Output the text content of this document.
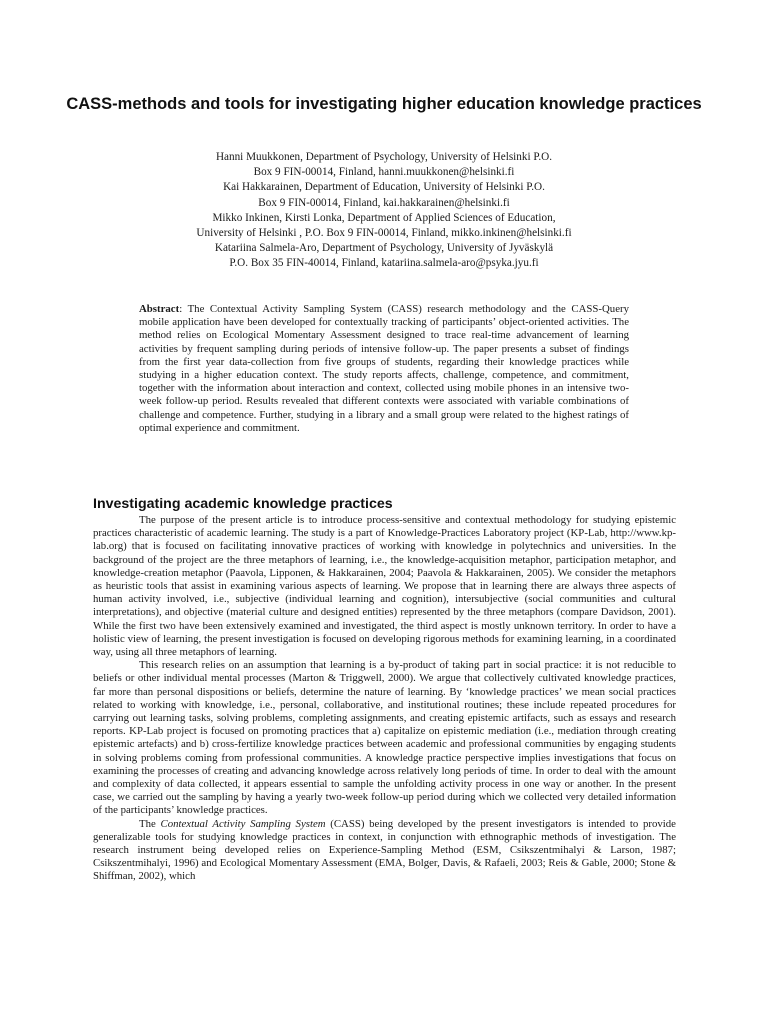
CASS-methods and tools for investigating higher education knowledge practices
Hanni Muukkonen, Department of Psychology, University of Helsinki P.O.
Box 9 FIN-00014, Finland, hanni.muukkonen@helsinki.fi
Kai Hakkarainen, Department of Education, University of Helsinki P.O.
Box 9 FIN-00014, Finland, kai.hakkarainen@helsinki.fi
Mikko Inkinen, Kirsti Lonka, Department of Applied Sciences of Education,
University of Helsinki , P.O. Box 9 FIN-00014, Finland, mikko.inkinen@helsinki.fi
Katariina Salmela-Aro, Department of Psychology, University of Jyväskylä
P.O. Box 35 FIN-40014, Finland, katariina.salmela-aro@psyka.jyu.fi
Abstract: The Contextual Activity Sampling System (CASS) research methodology and the CASS-Query mobile application have been developed for contextually tracking of participants’ object-oriented activities. The method relies on Ecological Momentary Assessment designed to trace real-time advancement of learning activities by frequent sampling during periods of intensive follow-up. The paper presents a subset of findings from the first year data-collection from five groups of students, regarding their knowledge practices while studying in a higher education context. The study reports affects, challenge, competence, and commitment, together with the information about interaction and context, collected using mobile phones in an intensive two-week follow-up period. Results revealed that different contexts were associated with variable combinations of challenge and competence. Further, studying in a library and a small group were related to the highest ratings of optimal experience and commitment.
Investigating academic knowledge practices

The purpose of the present article is to introduce process-sensitive and contextual methodology for studying epistemic practices characteristic of academic learning. The study is a part of Knowledge-Practices Laboratory project (KP-Lab, http://www.kp-lab.org) that is focused on facilitating innovative practices of working with knowledge in polytechnics and universities. In the background of the project are the three metaphors of learning, i.e., the knowledge-acquisition metaphor, participation metaphor, and knowledge-creation metaphor (Paavola, Lipponen, & Hakkarainen, 2004; Paavola & Hakkarainen, 2005). We consider the metaphors as heuristic tools that assist in examining various aspects of learning. We propose that in learning there are always three aspects of human activity involved, i.e., subjective (individual learning and cognition), intersubjective (social communities and cultural interpretations), and objective (material culture and designed entities) represented by the three metaphors (compare Davidson, 2001). While the first two have been extensively examined and investigated, the third aspect is mostly unknown territory. In order to have a holistic view of learning, the present investigation is focused on developing rigorous methods for examining learning, in a coordinated way, using all three metaphors of learning.

This research relies on an assumption that learning is a by-product of taking part in social practice: it is not reducible to beliefs or other individual mental processes (Marton & Triggwell, 2000). We argue that collectively cultivated knowledge practices, far more than personal dispositions or beliefs, determine the nature of learning. By ‘knowledge practices’ we mean social practices related to working with knowledge, i.e., personal, collaborative, and institutional routines; these include repeated procedures for carrying out learning tasks, solving problems, completing assignments, and creating epistemic artifacts, such as essays and research reports. KP-Lab project is focused on promoting practices that a) capitalize on epistemic mediation (i.e., mediation through creating epistemic artefacts) and b) cross-fertilize knowledge practices between academic and professional communities by engaging students in solving problems coming from professional communities. A knowledge practice perspective implies investigations that focus on examining the processes of creating and advancing knowledge across relatively long periods of time. In order to deal with the amount and complexity of data collected, it appears essential to sample the unfolding activity process in one way or another. In the present case, we carried out the sampling by having a yearly two-week follow-up period during which we collected very detailed information of the participants’ knowledge practices.

The Contextual Activity Sampling System (CASS) being developed by the present investigators is intended to provide generalizable tools for studying knowledge practices in context, in conjunction with ethnographic methods of investigation. The research instrument being developed relies on Experience-Sampling Method (ESM, Csikszentmihalyi & Larson, 1987; Csikszentmihalyi, 1996) and Ecological Momentary Assessment (EMA, Bolger, Davis, & Rafaeli, 2003; Reis & Gable, 2000; Stone & Shiffman, 2002), which
